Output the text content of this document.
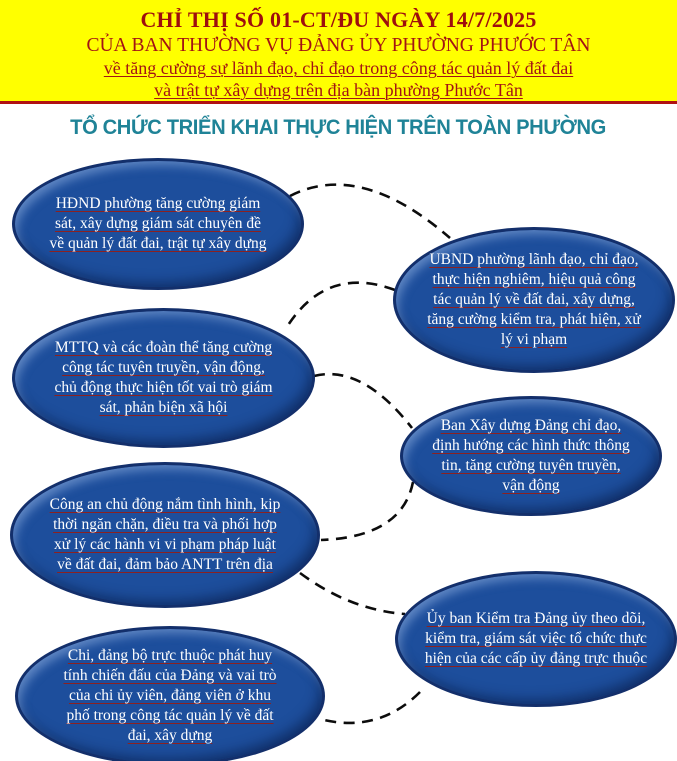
CHỈ THỊ SỐ 01-CT/ĐU NGÀY 14/7/2025
CỦA BAN THƯỜNG VỤ ĐẢNG ỦY PHƯỜNG PHƯỚC TÂN
về tăng cường sự lãnh đạo, chỉ đạo trong công tác quản lý đất đai
và trật tự xây dựng trên địa bàn phường Phước Tân
TỔ CHỨC TRIỂN KHAI THỰC HIỆN TRÊN TOÀN PHƯỜNG
HĐND phường tăng cường giám sát, xây dựng giám sát chuyên đề về quản lý đất đai, trật tự xây dựng
UBND phường lãnh đạo, chỉ đạo, thực hiện nghiêm, hiệu quả công tác quản lý về đất đai, xây dựng, tăng cường kiểm tra, phát hiện, xử lý vi phạm
MTTQ và các đoàn thể tăng cường công tác tuyên truyền, vận động, chủ động thực hiện tốt vai trò giám sát, phản biện xã hội
Ban Xây dựng Đảng chỉ đạo, định hướng các hình thức thông tin, tăng cường tuyên truyền, vận động
Công an chủ động nắm tình hình, kịp thời ngăn chặn, điều tra và phối hợp xử lý các hành vi vi phạm pháp luật về đất đai, đảm bảo ANTT trên địa
Ủy ban Kiểm tra Đảng ủy theo dõi, kiểm tra, giám sát việc tổ chức thực hiện của các cấp ủy đảng trực thuộc
Chi, đảng bộ trực thuộc phát huy tính chiến đấu của Đảng và vai trò của chi ủy viên, đảng viên ở khu phố trong công tác quản lý về đất đai, xây dựng
